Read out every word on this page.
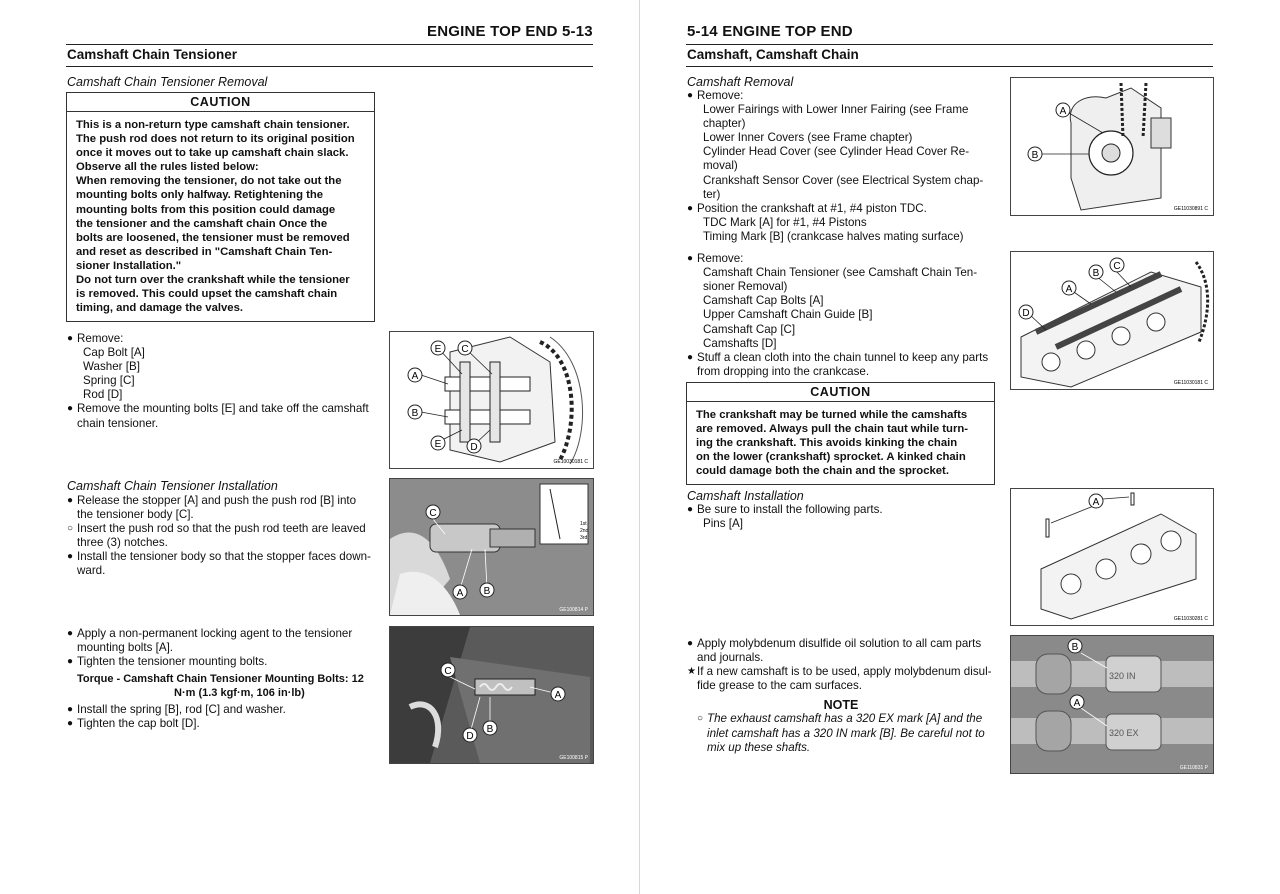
ENGINE TOP END 5-13
Camshaft Chain Tensioner
Camshaft Chain Tensioner Removal
CAUTION
This is a non-return type camshaft chain tensioner.
The push rod does not return to its original position
once it moves out to take up camshaft chain slack.
Observe all the rules listed below:
When removing the tensioner, do not take out the
mounting bolts only halfway. Retightening the
mounting bolts from this position could damage
the tensioner and the camshaft chain Once the
bolts are loosened, the tensioner must be removed
and reset as described in "Camshaft Chain Ten-
sioner Installation."
Do not turn over the crankshaft while the tensioner
is removed. This could upset the camshaft chain
timing, and damage the valves.
● Remove:
Cap Bolt [A]
Washer [B]
Spring [C]
Rod [D]
● Remove the mounting bolts [E] and take off the camshaft
chain tensioner.
E C
A
B
E	D
GE10030181 C
Camshaft Chain Tensioner Installation
● Release the stopper [A] and push the push rod [B] into
the tensioner body [C].
○ Insert the push rod so that the push rod teeth are leaved
three (3) notches.
● Install the tensioner body so that the stopper faces down-
ward.
1st
2nd
3rd
C
A B
GE100814 P
● Apply a non-permanent locking agent to the tensioner
mounting bolts [A].
● Tighten the tensioner mounting bolts.
Torque - Camshaft Chain Tensioner Mounting Bolts: 12
N·m (1.3 kgf·m, 106 in·lb)
● Install the spring [B], rod [C] and washer.
● Tighten the cap bolt [D].
C
A
B
D
GE100815 P
5-14 ENGINE TOP END
Camshaft, Camshaft Chain
Camshaft Removal
● Remove:
Lower Fairings with Lower Inner Fairing (see Frame
chapter)
Lower Inner Covers (see Frame chapter)
Cylinder Head Cover (see Cylinder Head Cover Re-
moval)
Crankshaft Sensor Cover (see Electrical System chap-
ter)
● Position the crankshaft at #1, #4 piston TDC.
TDC Mark [A] for #1, #4 Pistons
Timing Mark [B] (crankcase halves mating surface)
● Remove:
Camshaft Chain Tensioner (see Camshaft Chain Ten-
sioner Removal)
Camshaft Cap Bolts [A]
Upper Camshaft Chain Guide [B]
Camshaft Cap [C]
Camshafts [D]
● Stuff a clean cloth into the chain tunnel to keep any parts
from dropping into the crankcase.
CAUTION
The crankshaft may be turned while the camshafts
are removed. Always pull the chain taut while turn-
ing the crankshaft. This avoids kinking the chain
on the lower (crankshaft) sprocket. A kinked chain
could damage both the chain and the sprocket.
Camshaft Installation
● Be sure to install the following parts.
Pins [A]
● Apply molybdenum disulfide oil solution to all cam parts
and journals.
★ If a new camshaft is to be used, apply molybdenum disul-
fide grease to the cam surfaces.
NOTE
○ The exhaust camshaft has a 320 EX mark [A] and the
inlet camshaft has a 320 IN mark [B]. Be careful not to
mix up these shafts.
A
B
GE11030891 C
C
B
A
D
GE11030181 C
A
GE11030281 C
320 IN
320 EX
B
A
GE110831 P
